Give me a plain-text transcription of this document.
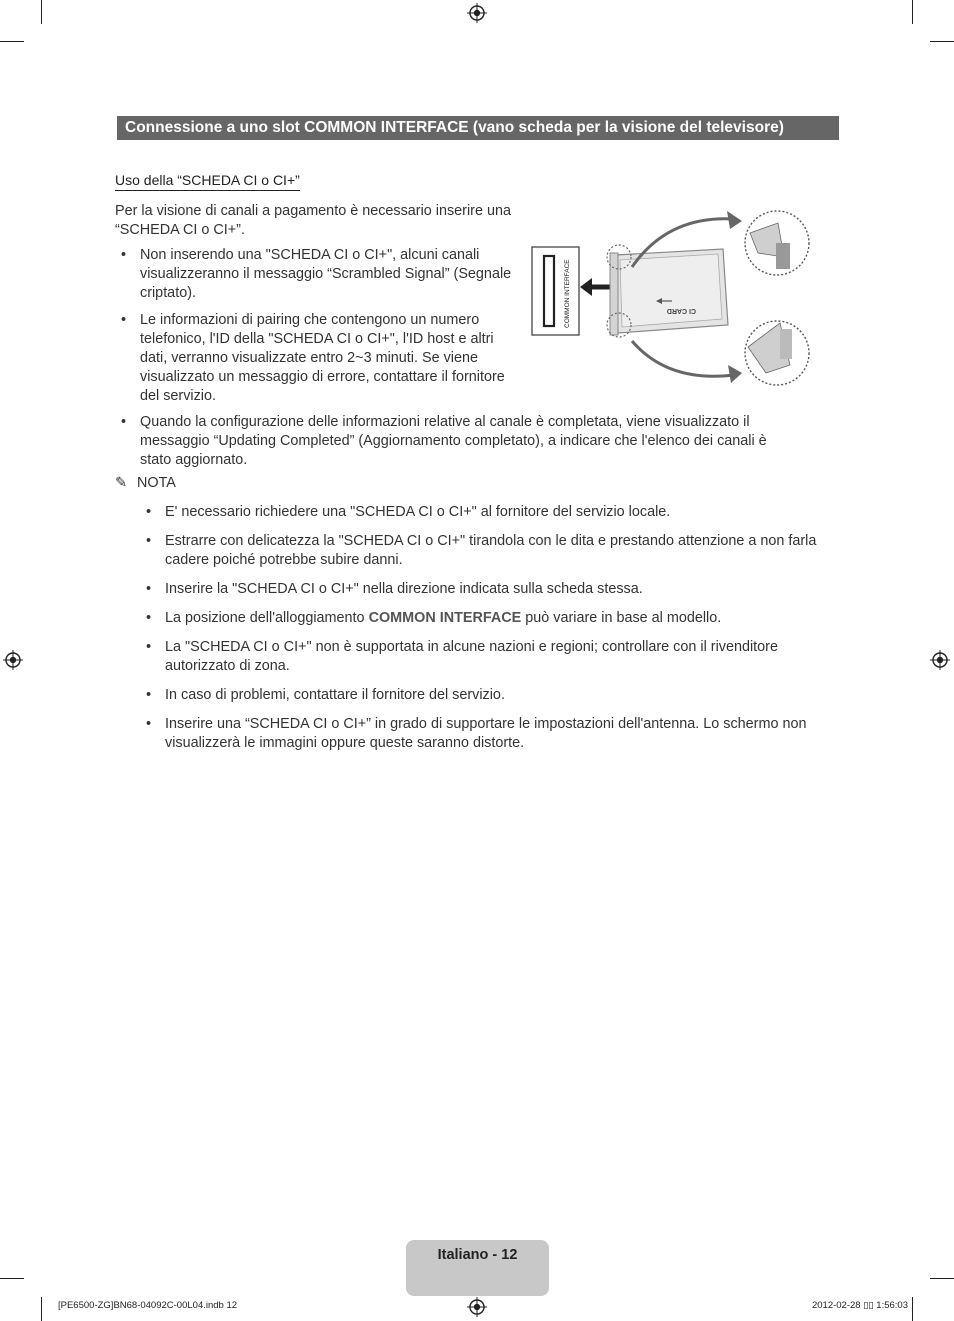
Connessione a uno slot COMMON INTERFACE (vano scheda per la visione del televisore)
Uso della “SCHEDA CI o CI+”
Per la visione di canali a pagamento è necessario inserire una “SCHEDA CI o CI+”.
• Non inserendo una "SCHEDA CI o CI+", alcuni canali visualizzeranno il messaggio “Scrambled Signal” (Segnale criptato).
• Le informazioni di pairing che contengono un numero telefonico, l'ID della "SCHEDA CI o CI+", l'ID host e altri dati, verranno visualizzate entro 2~3 minuti. Se viene visualizzato un messaggio di errore, contattare il fornitore del servizio.
• Quando la configurazione delle informazioni relative al canale è completata, viene visualizzato il messaggio “Updating Completed” (Aggiornamento completato), a indicare che l'elenco dei canali è stato aggiornato.
COMMON INTERFACE	CI CARD
✎ NOTA
• E' necessario richiedere una "SCHEDA CI o CI+" al fornitore del servizio locale.
• Estrarre con delicatezza la "SCHEDA CI o CI+" tirandola con le dita e prestando attenzione a non farla cadere poiché potrebbe subire danni.
• Inserire la "SCHEDA CI o CI+" nella direzione indicata sulla scheda stessa.
• La posizione dell'alloggiamento COMMON INTERFACE può variare in base al modello.
• La "SCHEDA CI o CI+" non è supportata in alcune nazioni e regioni; controllare con il rivenditore autorizzato di zona.
• In caso di problemi, contattare il fornitore del servizio.
• Inserire una “SCHEDA CI o CI+” in grado di supportare le impostazioni dell'antenna. Lo schermo non visualizzerà le immagini oppure queste saranno distorte.
Italiano - 12
[PE6500-ZG]BN68-04092C-00L04.indb 12	2012-02-28 ▯▯ 1:56:03
